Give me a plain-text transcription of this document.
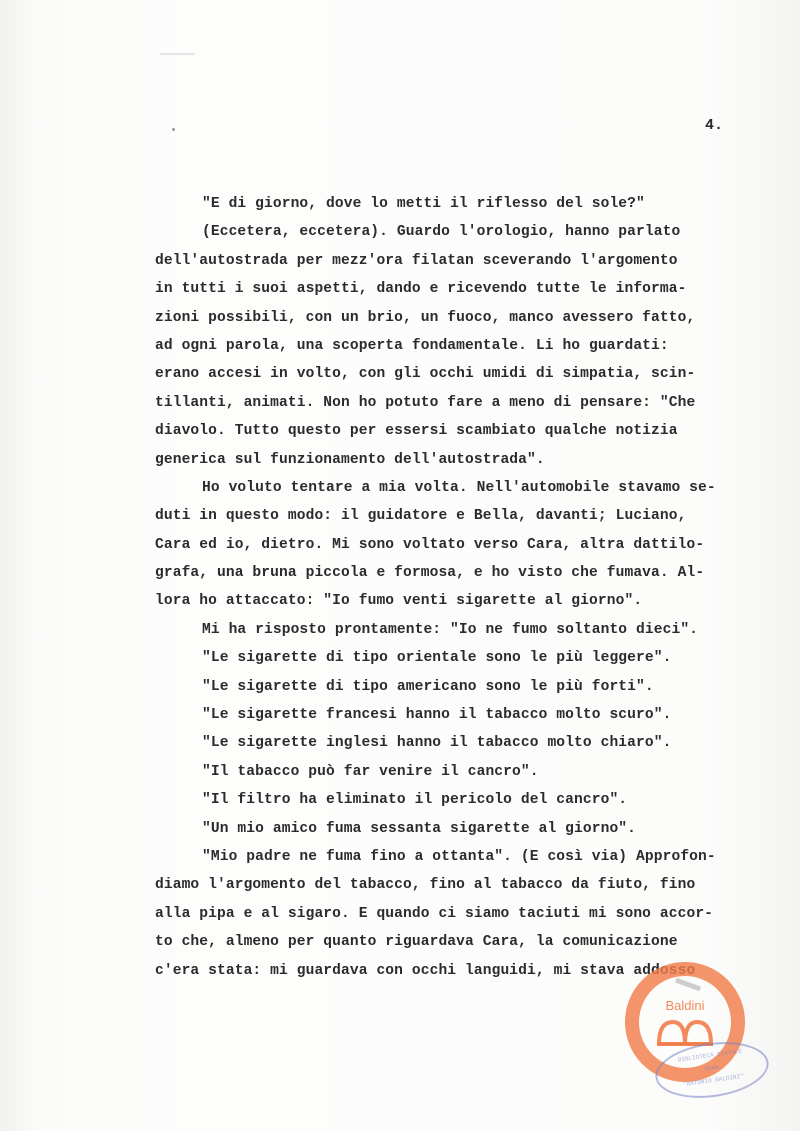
4.
"E di giorno, dove lo metti il riflesso del sole?"
(Eccetera, eccetera). Guardo l'orologio, hanno parlato
dell'autostrada per mezz'ora filatan sceverando l'argomento
in tutti i suoi aspetti, dando e ricevendo tutte le informa-
zioni possibili, con un brio, un fuoco, manco avessero fatto,
ad ogni parola, una scoperta fondamentale. Li ho guardati:
erano accesi in volto, con gli occhi umidi di simpatia, scin-
tillanti, animati. Non ho potuto fare a meno di pensare: "Che
diavolo. Tutto questo per essersi scambiato qualche notizia
generica sul funzionamento dell'autostrada".
Ho voluto tentare a mia volta. Nell'automobile stavamo se-
duti in questo modo: il guidatore e Bella, davanti; Luciano,
Cara ed io, dietro. Mi sono voltato verso Cara, altra dattilo-
grafa, una bruna piccola e formosa, e ho visto che fumava. Al-
lora ho attaccato: "Io fumo venti sigarette al giorno".
Mi ha risposto prontamente: "Io ne fumo soltanto dieci".
"Le sigarette di tipo orientale sono le più leggere".
"Le sigarette di tipo americano sono le più forti".
"Le sigarette francesi hanno il tabacco molto scuro".
"Le sigarette inglesi hanno il tabacco molto chiaro".
"Il tabacco può far venire il cancro".
"Il filtro ha eliminato il pericolo del cancro".
"Un mio amico fuma sessanta sigarette al giorno".
"Mio padre ne fuma fino a ottanta". (E così via) Approfon-
diamo l'argomento del tabacco, fino al tabacco da fiuto, fino
alla pipa e al sigaro. E quando ci siamo taciuti mi sono accor-
to che, almeno per quanto riguardava Cara, la comunicazione
c'era stata: mi guardava con occhi languidi, mi stava addosso
Baldini
BIBLIOTECA STATALE
ROMA
"ANTONIO BALDINI"
